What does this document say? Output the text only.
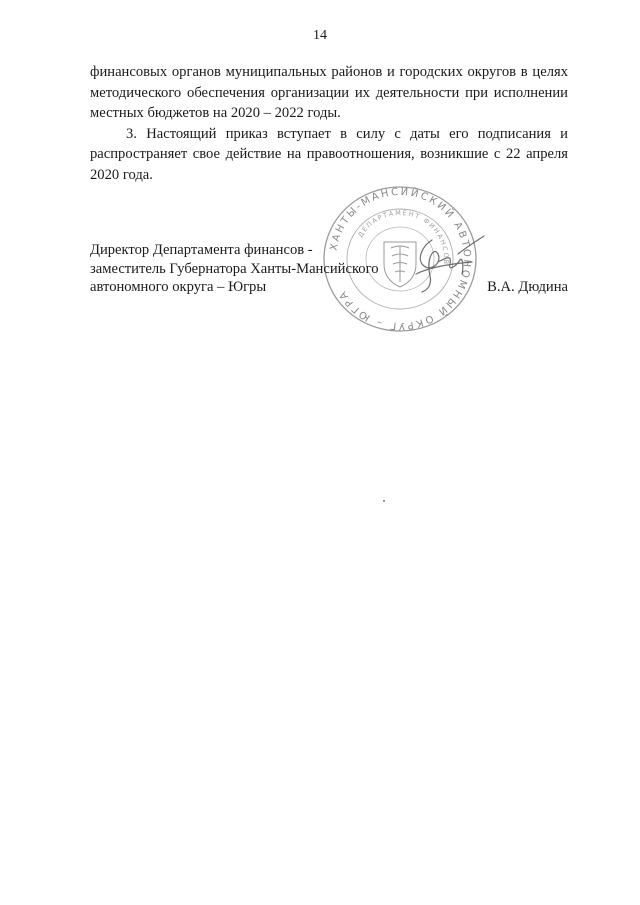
14

финансовых органов муниципальных районов и городских округов в целях
методического обеспечения организации их деятельности при исполнении
местных бюджетов на 2020 – 2022 годы.

3. Настоящий приказ вступает в силу с даты его подписания и
распространяет свое действие на правоотношения, возникшие с 22 апреля
2020 года.

ХАНТЫ-МАНСИЙСКИЙ АВТОНОМНЫЙ ОКРУГ – ЮГРА
ДЕПАРТАМЕНТ ФИНАНСОВ
Директор Департамента финансов -
заместитель Губернатора Ханты-Мансийского
автономного округа – Югры	В.А. Дюдина
